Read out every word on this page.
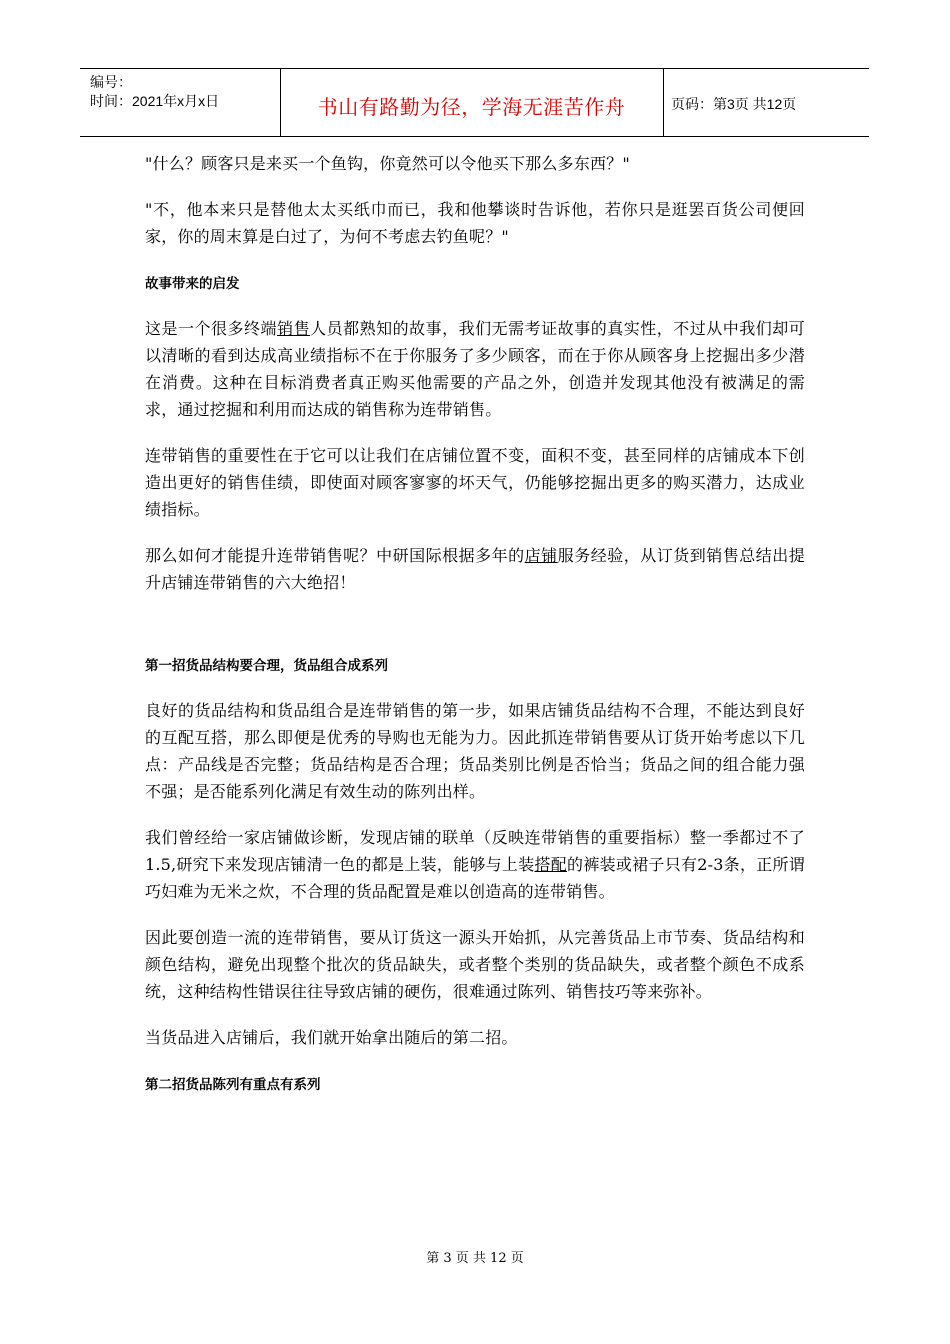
编号：
时间：2021年x月x日	书山有路勤为径，学海无涯苦作舟	页码：第3页 共12页

"什么？顾客只是来买一个鱼钩，你竟然可以令他买下那么多东西？"

"不，他本来只是替他太太买纸巾而已，我和他攀谈时告诉他，若你只是逛罢百货公司便回家，你的周末算是白过了，为何不考虑去钓鱼呢？"

故事带来的启发

这是一个很多终端销售人员都熟知的故事，我们无需考证故事的真实性，不过从中我们却可以清晰的看到达成高业绩指标不在于你服务了多少顾客，而在于你从顾客身上挖掘出多少潜在消费。这种在目标消费者真正购买他需要的产品之外，创造并发现其他没有被满足的需求，通过挖掘和利用而达成的销售称为连带销售。

连带销售的重要性在于它可以让我们在店铺位置不变，面积不变，甚至同样的店铺成本下创造出更好的销售佳绩，即使面对顾客寥寥的坏天气，仍能够挖掘出更多的购买潜力，达成业绩指标。

那么如何才能提升连带销售呢？中研国际根据多年的店铺服务经验，从订货到销售总结出提升店铺连带销售的六大绝招！

第一招货品结构要合理，货品组合成系列

良好的货品结构和货品组合是连带销售的第一步，如果店铺货品结构不合理，不能达到良好的互配互搭，那么即便是优秀的导购也无能为力。因此抓连带销售要从订货开始考虑以下几点：产品线是否完整；货品结构是否合理；货品类别比例是否恰当；货品之间的组合能力强不强；是否能系列化满足有效生动的陈列出样。

我们曾经给一家店铺做诊断，发现店铺的联单（反映连带销售的重要指标）整一季都过不了1.5,研究下来发现店铺清一色的都是上装，能够与上装搭配的裤装或裙子只有2-3条，正所谓巧妇难为无米之炊，不合理的货品配置是难以创造高的连带销售。

因此要创造一流的连带销售，要从订货这一源头开始抓，从完善货品上市节奏、货品结构和颜色结构，避免出现整个批次的货品缺失，或者整个类别的货品缺失，或者整个颜色不成系统，这种结构性错误往往导致店铺的硬伤，很难通过陈列、销售技巧等来弥补。

当货品进入店铺后，我们就开始拿出随后的第二招。

第二招货品陈列有重点有系列
第 3 页 共 12 页
